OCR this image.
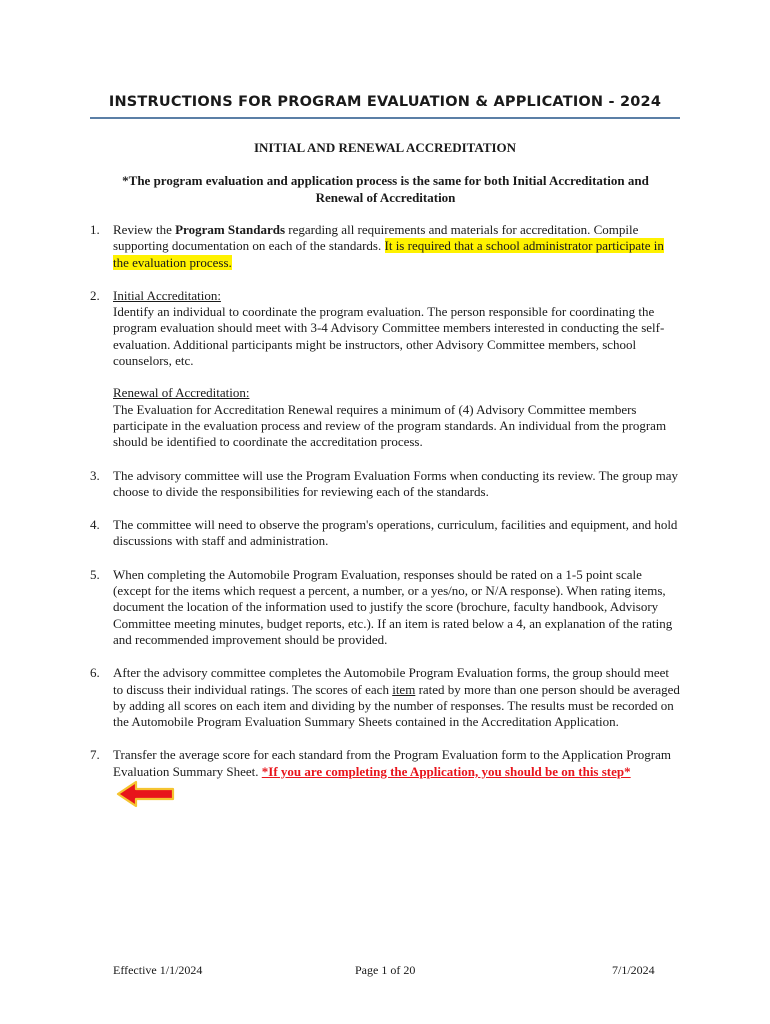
INSTRUCTIONS FOR PROGRAM EVALUATION & APPLICATION - 2024
INITIAL AND RENEWAL ACCREDITATION
*The program evaluation and application process is the same for both Initial Accreditation and Renewal of Accreditation
1. Review the Program Standards regarding all requirements and materials for accreditation. Compile supporting documentation on each of the standards. It is required that a school administrator participate in the evaluation process.
2. Initial Accreditation:
Identify an individual to coordinate the program evaluation. The person responsible for coordinating the program evaluation should meet with 3-4 Advisory Committee members interested in conducting the self-evaluation. Additional participants might be instructors, other Advisory Committee members, school counselors, etc.
Renewal of Accreditation:
The Evaluation for Accreditation Renewal requires a minimum of (4) Advisory Committee members participate in the evaluation process and review of the program standards. An individual from the program should be identified to coordinate the accreditation process.
3. The advisory committee will use the Program Evaluation Forms when conducting its review. The group may choose to divide the responsibilities for reviewing each of the standards.
4. The committee will need to observe the program's operations, curriculum, facilities and equipment, and hold discussions with staff and administration.
5. When completing the Automobile Program Evaluation, responses should be rated on a 1-5 point scale (except for the items which request a percent, a number, or a yes/no, or N/A response). When rating items, document the location of the information used to justify the score (brochure, faculty handbook, Advisory Committee meeting minutes, budget reports, etc.). If an item is rated below a 4, an explanation of the rating and recommended improvement should be provided.
6. After the advisory committee completes the Automobile Program Evaluation forms, the group should meet to discuss their individual ratings. The scores of each item rated by more than one person should be averaged by adding all scores on each item and dividing by the number of responses. The results must be recorded on the Automobile Program Evaluation Summary Sheets contained in the Accreditation Application.
7. Transfer the average score for each standard from the Program Evaluation form to the Application Program Evaluation Summary Sheet. *If you are completing the Application, you should be on this step*
Effective 1/1/2024	Page 1 of 20	7/1/2024
